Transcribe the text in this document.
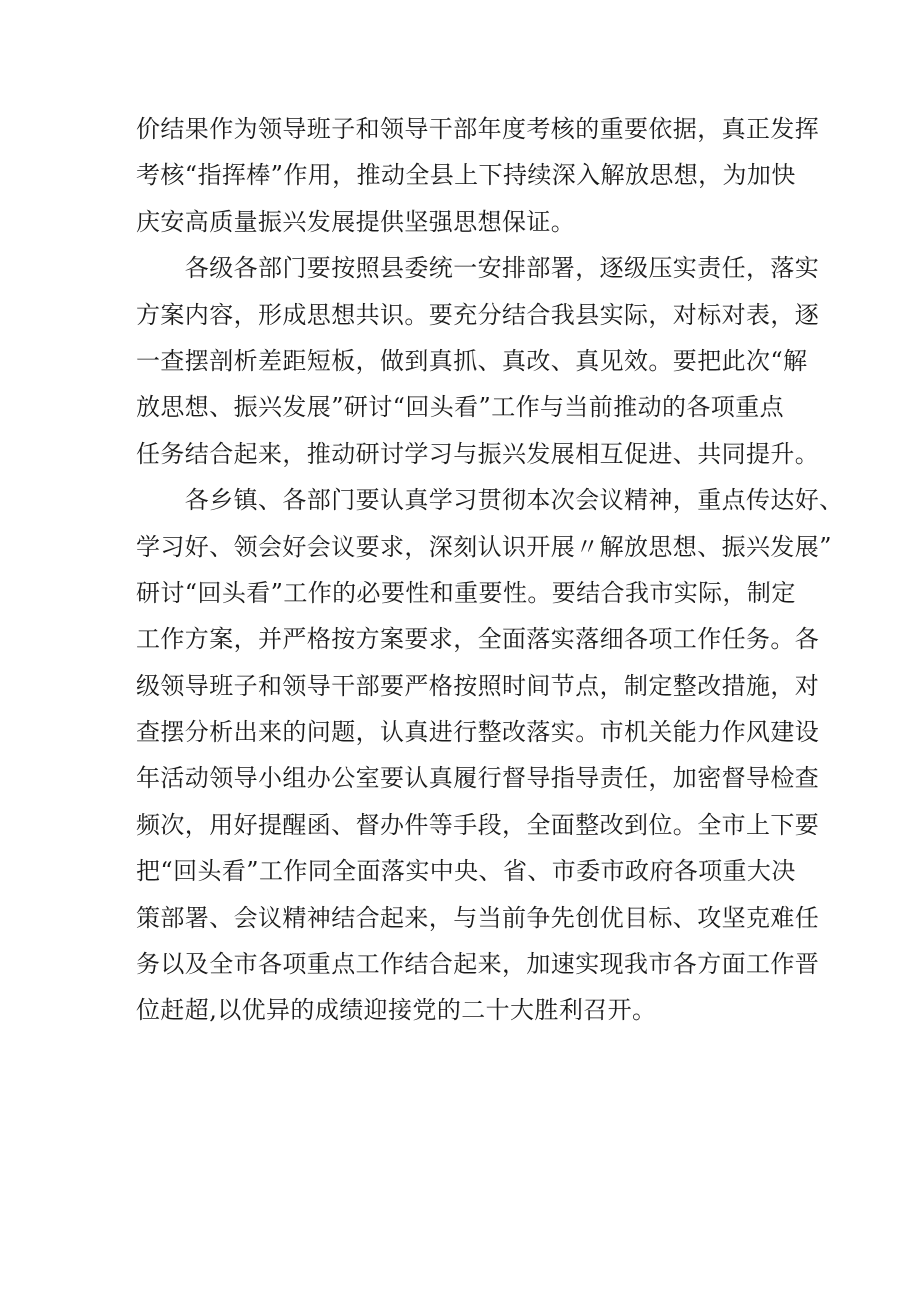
价结果作为领导班子和领导干部年度考核的重要依据，真正发挥
考核“指挥棒”作用，推动全县上下持续深入解放思想，为加快
庆安高质量振兴发展提供坚强思想保证。
　　各级各部门要按照县委统一安排部署，逐级压实责任，落实
方案内容，形成思想共识。要充分结合我县实际，对标对表，逐
一查摆剖析差距短板，做到真抓、真改、真见效。要把此次“解
放思想、振兴发展”研讨“回头看”工作与当前推动的各项重点
任务结合起来，推动研讨学习与振兴发展相互促进、共同提升。
　　各乡镇、各部门要认真学习贯彻本次会议精神，重点传达好、
学习好、领会好会议要求，深刻认识开展〃解放思想、振兴发展”
研讨“回头看”工作的必要性和重要性。要结合我市实际，制定
工作方案，并严格按方案要求，全面落实落细各项工作任务。各
级领导班子和领导干部要严格按照时间节点，制定整改措施，对
查摆分析出来的问题，认真进行整改落实。市机关能力作风建设
年活动领导小组办公室要认真履行督导指导责任，加密督导检查
频次，用好提醒函、督办件等手段，全面整改到位。全市上下要
把“回头看”工作同全面落实中央、省、市委市政府各项重大决
策部署、会议精神结合起来，与当前争先创优目标、攻坚克难任
务以及全市各项重点工作结合起来，加速实现我市各方面工作晋
位赶超,以优异的成绩迎接党的二十大胜利召开。
